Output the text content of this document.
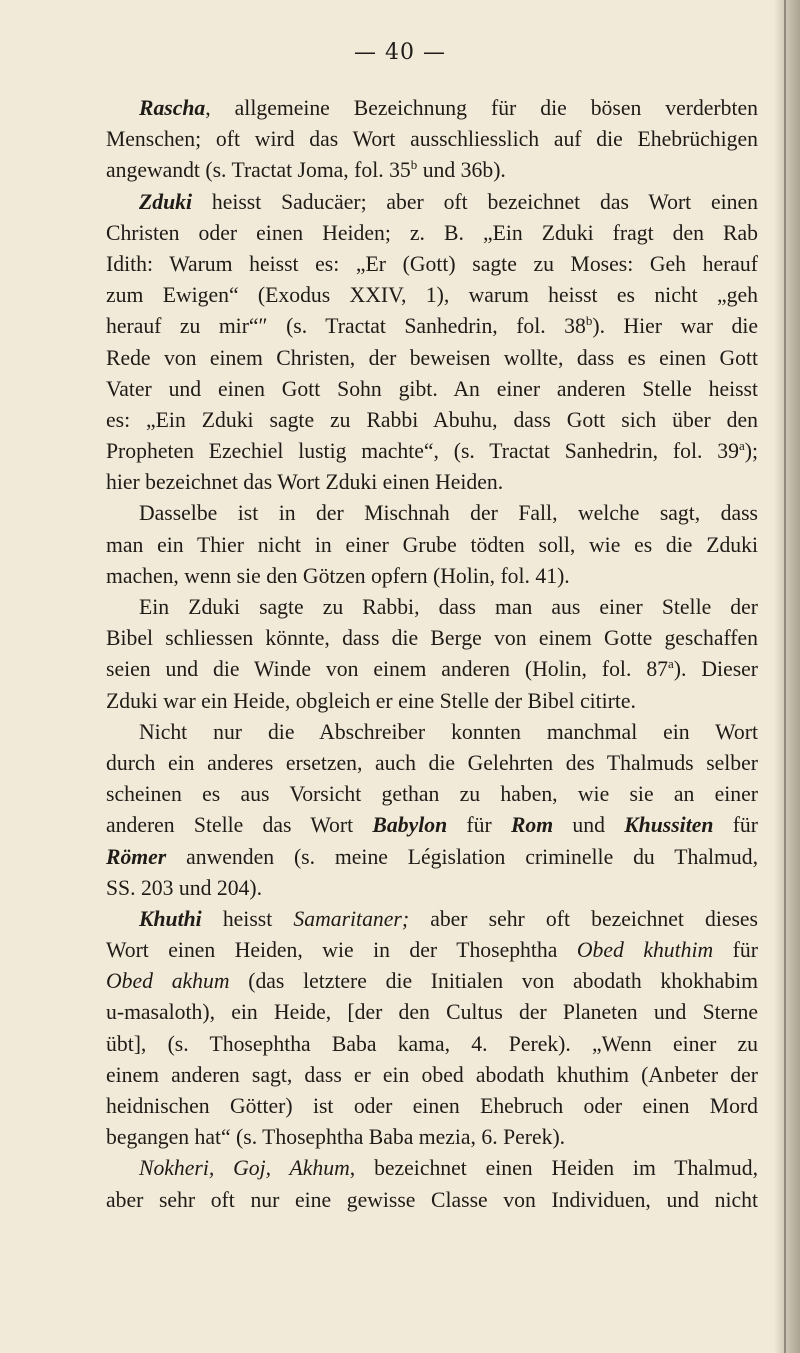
— 40 —
Rascha, allgemeine Bezeichnung für die bösen verderbten
Menschen; oft wird das Wort ausschliesslich auf die Ehebrüchigen
angewandt (s. Tractat Joma, fol. 35$^b$ und 36b).
Zduki heisst Saducäer; aber oft bezeichnet das Wort einen
Christen oder einen Heiden; z. B. „Ein Zduki fragt den Rab
Idith: Warum heisst es: „Er (Gott) sagte zu Moses: Geh herauf
zum Ewigen“ (Exodus XXIV, 1), warum heisst es nicht „geh
herauf zu mir“″ (s. Tractat Sanhedrin, fol. 38$^b$). Hier war die
Rede von einem Christen, der beweisen wollte, dass es einen Gott
Vater und einen Gott Sohn gibt. An einer anderen Stelle heisst
es: „Ein Zduki sagte zu Rabbi Abuhu, dass Gott sich über den
Propheten Ezechiel lustig machte“, (s. Tractat Sanhedrin, fol. 39$^a$);
hier bezeichnet das Wort Zduki einen Heiden.
Dasselbe ist in der Mischnah der Fall, welche sagt, dass
man ein Thier nicht in einer Grube tödten soll, wie es die Zduki
machen, wenn sie den Götzen opfern (Holin, fol. 41).
Ein Zduki sagte zu Rabbi, dass man aus einer Stelle der
Bibel schliessen könnte, dass die Berge von einem Gotte geschaffen
seien und die Winde von einem anderen (Holin, fol. 87$^a$). Dieser
Zduki war ein Heide, obgleich er eine Stelle der Bibel citirte.
Nicht nur die Abschreiber konnten manchmal ein Wort
durch ein anderes ersetzen, auch die Gelehrten des Thalmuds selber
scheinen es aus Vorsicht gethan zu haben, wie sie an einer
anderen Stelle das Wort Babylon für Rom und Khussiten für
Römer anwenden (s. meine Législation criminelle du Thalmud,
SS. 203 und 204).
Khuthi heisst Samaritaner; aber sehr oft bezeichnet dieses
Wort einen Heiden, wie in der Thosephtha Obed khuthim für
Obed akhum (das letztere die Initialen von abodath khokhabim
u-masaloth), ein Heide, [der den Cultus der Planeten und Sterne
übt], (s. Thosephtha Baba kama, 4. Perek). „Wenn einer zu
einem anderen sagt, dass er ein obed abodath khuthim (Anbeter der
heidnischen Götter) ist oder einen Ehebruch oder einen Mord
begangen hat“ (s. Thosephtha Baba mezia, 6. Perek).
Nokheri, Goj, Akhum, bezeichnet einen Heiden im Thalmud,
aber sehr oft nur eine gewisse Classe von Individuen, und nicht
